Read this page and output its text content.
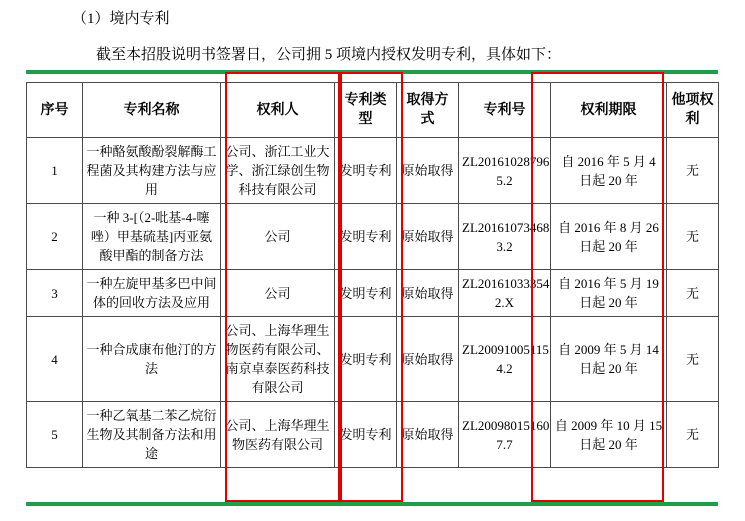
（1）境内专利

截至本招股说明书签署日，公司拥 5 项境内授权发明专利，具体如下：

序号	专利名称	权利人	专利类型	取得方式	专利号	权利期限	他项权利
1	一种酪氨酸酚裂解酶工程菌及其构建方法与应用	公司、浙江工业大学、浙江绿创生物科技有限公司	发明专利	原始取得	ZL20161028796 5.2	自 2016 年 5 月 4 日起 20 年	无
2	一种 3-[（2-吡基-4-噻唑）甲基硫基]丙亚氨酸甲酯的制备方法	公司	发明专利	原始取得	ZL20161073468 3.2	自 2016 年 8 月 26 日起 20 年	无
3	一种左旋甲基多巴中间体的回收方法及应用	公司	发明专利	原始取得	ZL20161033354 2.X	自 2016 年 5 月 19 日起 20 年	无
4	一种合成康布他汀的方法	公司、上海华理生物医药有限公司、南京卓泰医药科技有限公司	发明专利	原始取得	ZL20091005115 4.2	自 2009 年 5 月 14 日起 20 年	无
5	一种乙氧基二苯乙烷衍生物及其制备方法和用途	公司、上海华理生物医药有限公司	发明专利	原始取得	ZL20098015160 7.7	自 2009 年 10 月 15 日起 20 年	无
